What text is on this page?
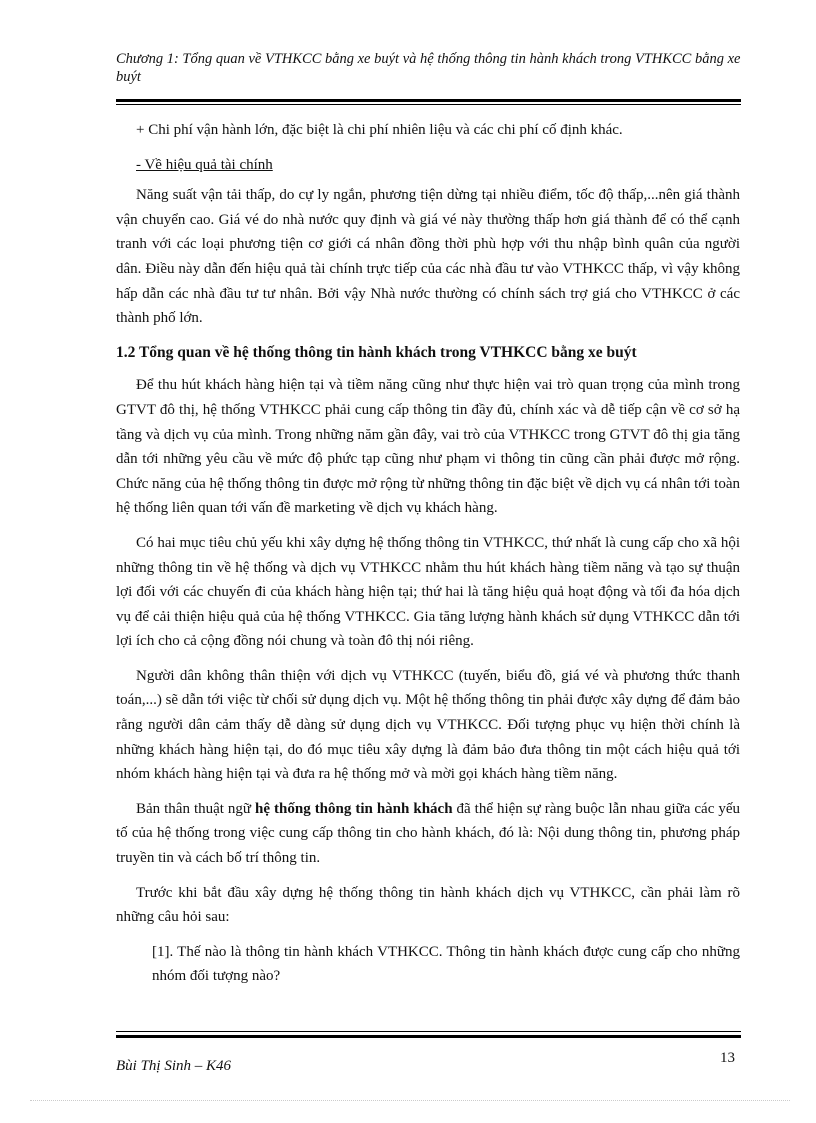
Chương 1: Tổng quan về VTHKCC bằng xe buýt và hệ thống thông tin hành khách trong VTHKCC bằng xe buýt

+ Chi phí vận hành lớn, đặc biệt là chi phí nhiên liệu và các chi phí cố định khác.

- Về hiệu quả tài chính

Năng suất vận tải thấp, do cự ly ngắn, phương tiện dừng tại nhiều điểm, tốc độ thấp,...nên giá thành vận chuyển cao. Giá vé do nhà nước quy định và giá vé này thường thấp hơn giá thành để có thể cạnh tranh với các loại phương tiện cơ giới cá nhân đồng thời phù hợp với thu nhập bình quân của người dân. Điều này dẫn đến hiệu quả tài chính trực tiếp của các nhà đầu tư vào VTHKCC thấp, vì vậy không hấp dẫn các nhà đầu tư tư nhân. Bởi vậy Nhà nước thường có chính sách trợ giá cho VTHKCC ở các thành phố lớn.

1.2 Tổng quan về hệ thống thông tin hành khách trong VTHKCC bằng xe buýt

Để thu hút khách hàng hiện tại và tiềm năng cũng như thực hiện vai trò quan trọng của mình trong GTVT đô thị, hệ thống VTHKCC phải cung cấp thông tin đầy đủ, chính xác và dễ tiếp cận về cơ sở hạ tầng và dịch vụ của mình. Trong những năm gần đây, vai trò của VTHKCC trong GTVT đô thị gia tăng dẫn tới những yêu cầu về mức độ phức tạp cũng như phạm vi thông tin cũng cần phải được mở rộng. Chức năng của hệ thống thông tin được mở rộng từ những thông tin đặc biệt về dịch vụ cá nhân tới toàn hệ thống liên quan tới vấn đề marketing về dịch vụ khách hàng.

Có hai mục tiêu chủ yếu khi xây dựng hệ thống thông tin VTHKCC, thứ nhất là cung cấp cho xã hội những thông tin về hệ thống và dịch vụ VTHKCC nhằm thu hút khách hàng tiềm năng và tạo sự thuận lợi đối với các chuyến đi của khách hàng hiện tại; thứ hai là tăng hiệu quả hoạt động và tối đa hóa dịch vụ để cải thiện hiệu quả của hệ thống VTHKCC. Gia tăng lượng hành khách sử dụng VTHKCC dẫn tới lợi ích cho cả cộng đồng nói chung và toàn đô thị nói riêng.

Người dân không thân thiện với dịch vụ VTHKCC (tuyến, biểu đồ, giá vé và phương thức thanh toán,...) sẽ dẫn tới việc từ chối sử dụng dịch vụ. Một hệ thống thông tin phải được xây dựng để đảm bảo rằng người dân cảm thấy dễ dàng sử dụng dịch vụ VTHKCC. Đối tượng phục vụ hiện thời chính là những khách hàng hiện tại, do đó mục tiêu xây dựng là đảm bảo đưa thông tin một cách hiệu quả tới nhóm khách hàng hiện tại và đưa ra hệ thống mở và mời gọi khách hàng tiềm năng.

Bản thân thuật ngữ hệ thống thông tin hành khách đã thể hiện sự ràng buộc lẫn nhau giữa các yếu tố của hệ thống trong việc cung cấp thông tin cho hành khách, đó là: Nội dung thông tin, phương pháp truyền tin và cách bố trí thông tin.

Trước khi bắt đầu xây dựng hệ thống thông tin hành khách dịch vụ VTHKCC, cần phải làm rõ những câu hỏi sau:

[1]. Thế nào là thông tin hành khách VTHKCC. Thông tin hành khách được cung cấp cho những nhóm đối tượng nào?

Bùi Thị Sinh – K46	13
